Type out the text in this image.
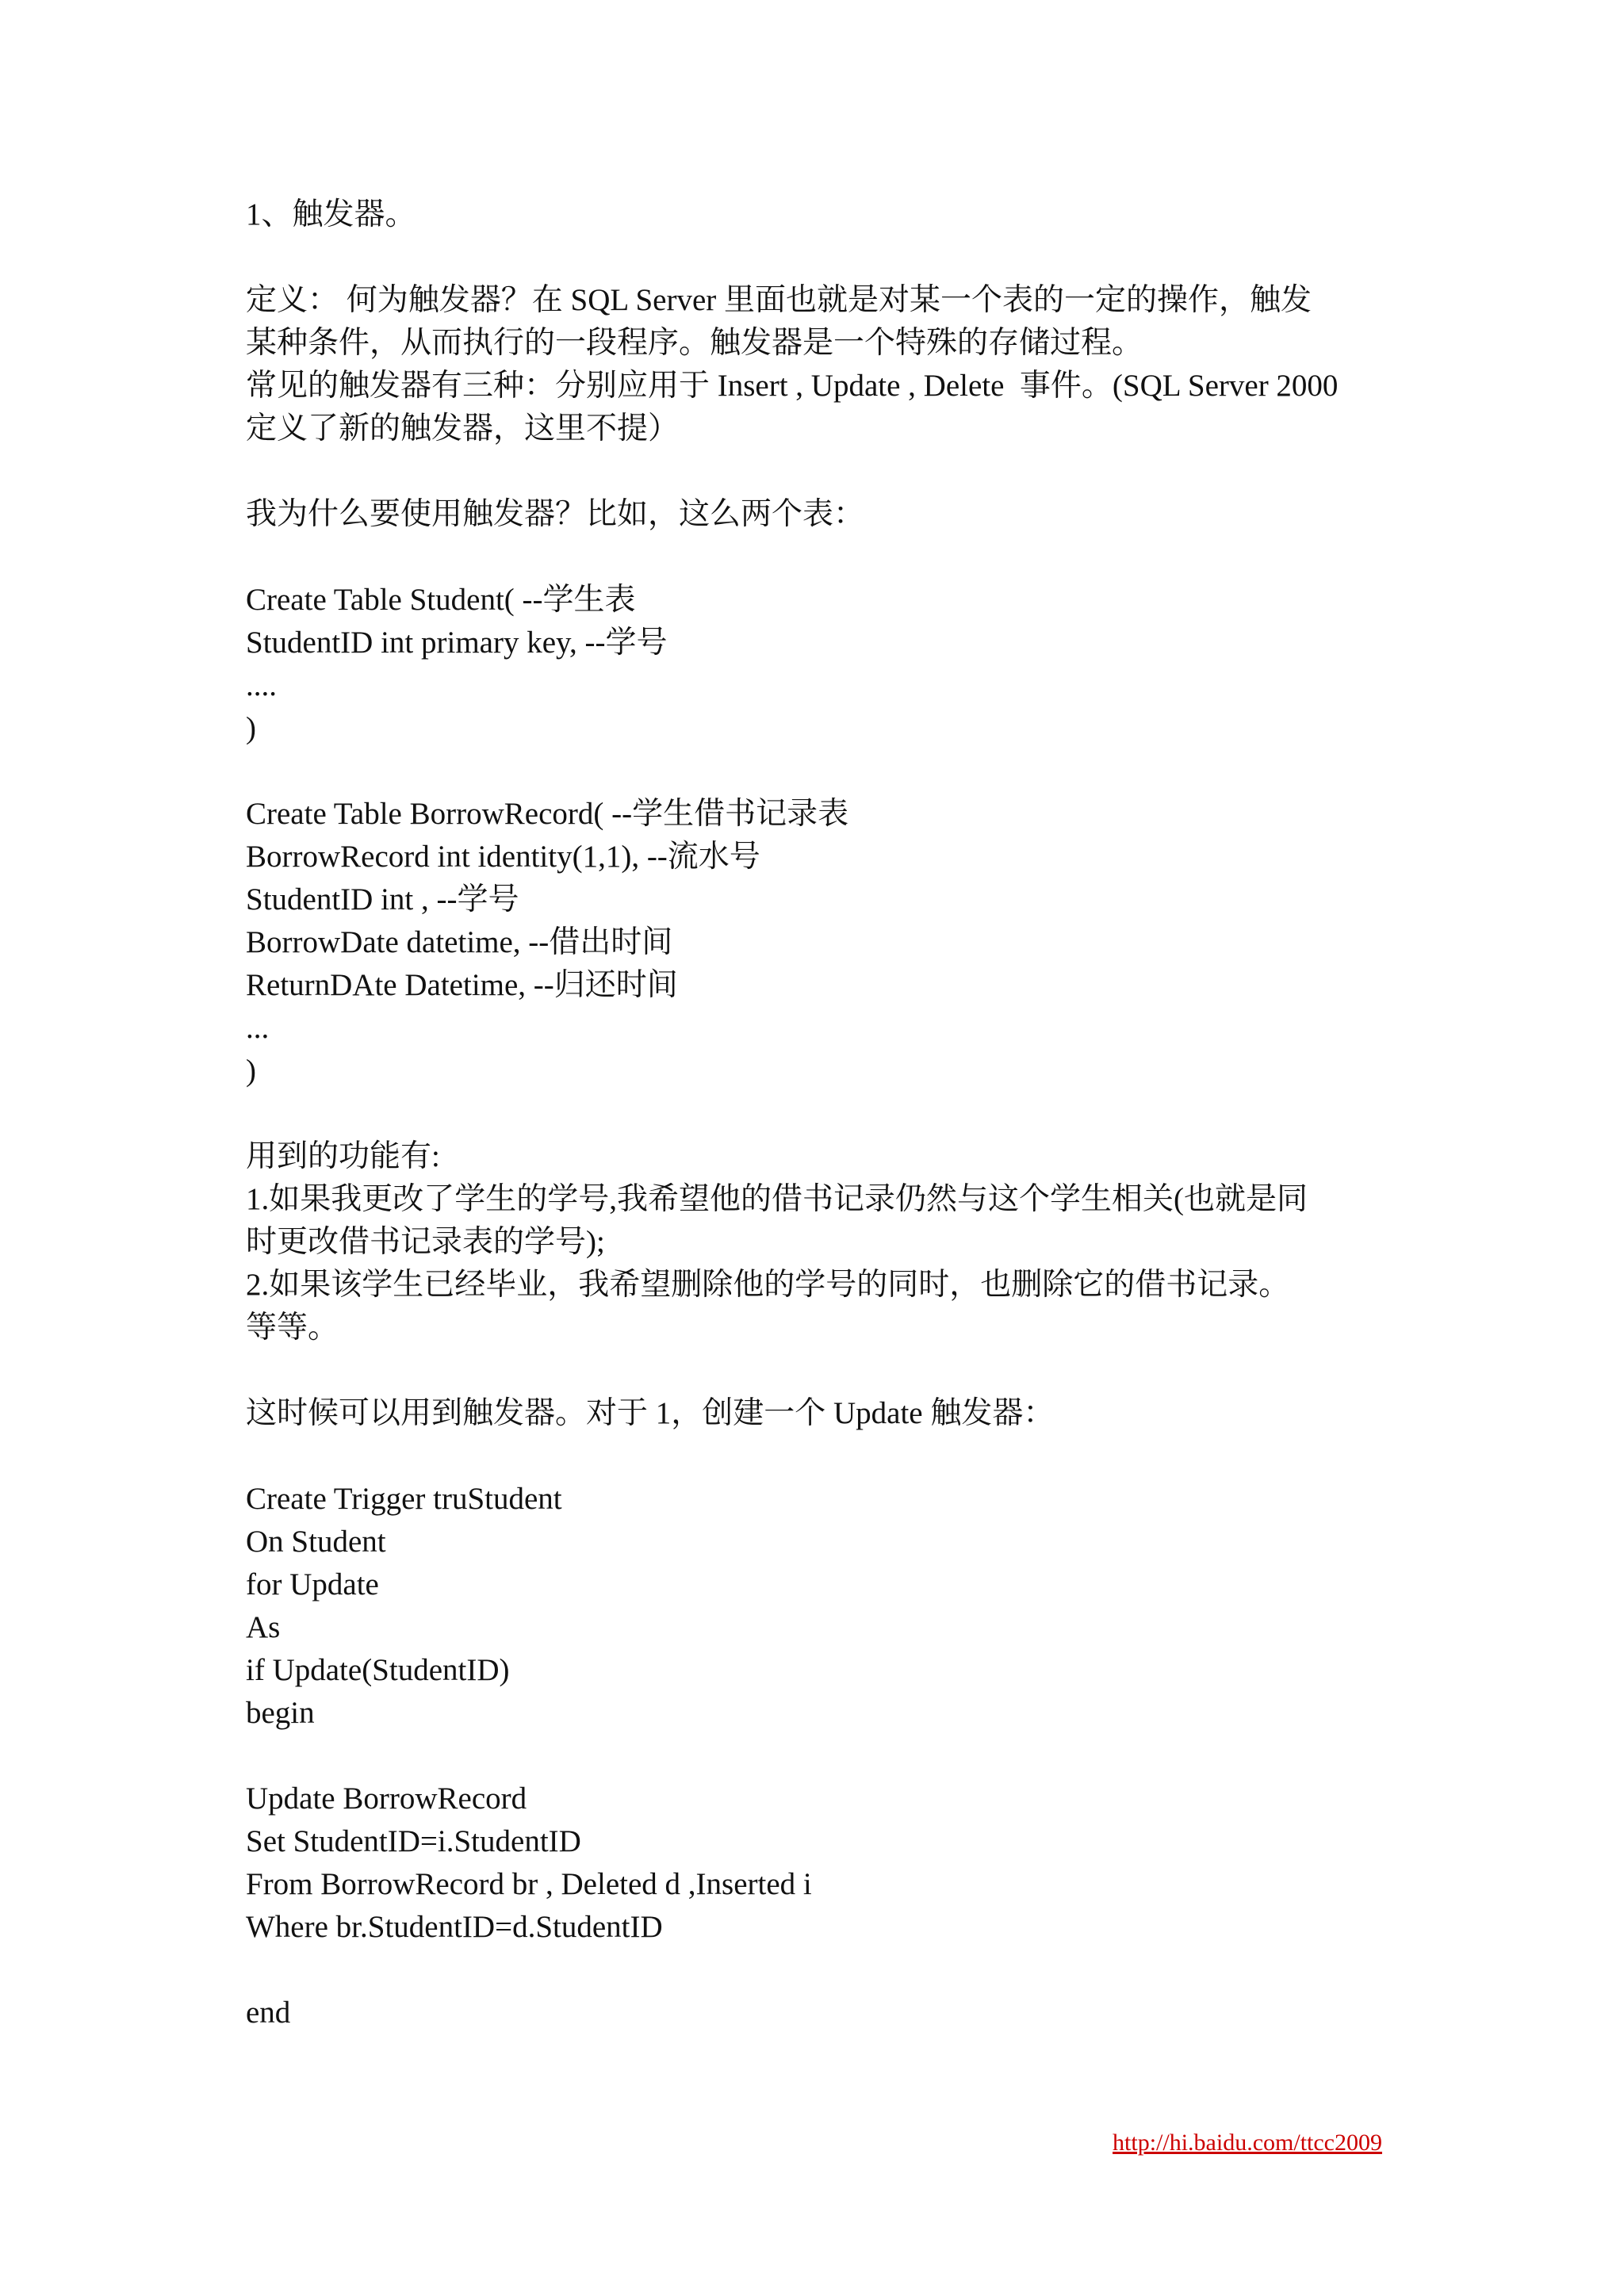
1、触发器。
定义： 何为触发器？在 SQL Server 里面也就是对某一个表的一定的操作，触发
某种条件，从而执行的一段程序。触发器是一个特殊的存储过程。
常见的触发器有三种：分别应用于 Insert , Update , Delete  事件。(SQL Server 2000
定义了新的触发器，这里不提）
我为什么要使用触发器？比如，这么两个表：
Create Table Student( --学生表
StudentID int primary key, --学号
....
)
Create Table BorrowRecord( --学生借书记录表
BorrowRecord int identity(1,1), --流水号
StudentID int , --学号
BorrowDate datetime, --借出时间
ReturnDAte Datetime, --归还时间
...
)
用到的功能有:
1.如果我更改了学生的学号,我希望他的借书记录仍然与这个学生相关(也就是同
时更改借书记录表的学号);
2.如果该学生已经毕业，我希望删除他的学号的同时，也删除它的借书记录。
等等。
这时候可以用到触发器。对于 1，创建一个 Update 触发器：
Create Trigger truStudent
On Student
for Update
As
if Update(StudentID)
begin
Update BorrowRecord
Set StudentID=i.StudentID
From BorrowRecord br , Deleted d ,Inserted i
Where br.StudentID=d.StudentID
end
http://hi.baidu.com/ttcc2009
